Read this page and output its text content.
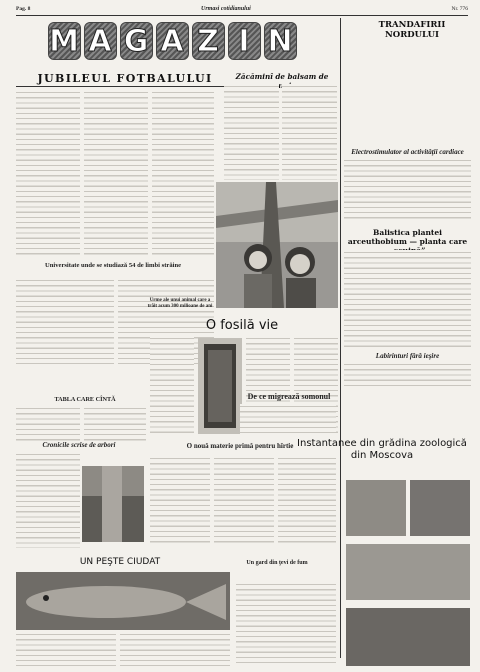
Pag. 8	Urmasi cotidianului	Nr. 776
M A G A Z I N	TRANDAFIRII NORDULUI

JUBILEUL FOTBALULUI	Zăcăminî de balsam de
Universitate unde se studiază 54 de limbi străine
Urme ale unui animal care a trăit acum 300 milioane de ani
O fosilă vie
TABLA CARE CÎNTĂ
Cronicile scrise de arbori	O nouă materie primă pentru hîrtie
UN PEŞTE CIUDAT	Un gard din ţevi de fum
Electrostimulator al activităţii cardiace
Balistica plantei arceuthobium — planta care
Labirinturi fără ieşire
De ce migrează somonul
Instantanee din grădina zoologică din Moscova
